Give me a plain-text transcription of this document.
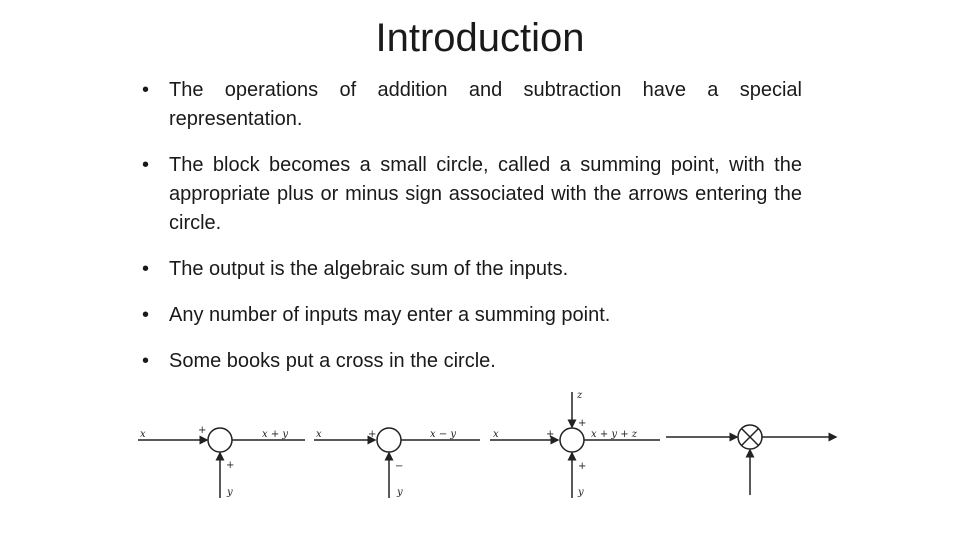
Introduction
• The operations of addition and subtraction have a special representation.
• The block becomes a small circle, called a summing point, with the appropriate plus or minus sign associated with the arrows entering the circle.
• The output is the algebraic sum of the inputs.
• Any number of inputs may enter a summing point.
• Some books put a cross in the circle.
x	+	x + y
+
y
x	+	x − y
−
y
z
+
x	+	x + y + z
+
y
